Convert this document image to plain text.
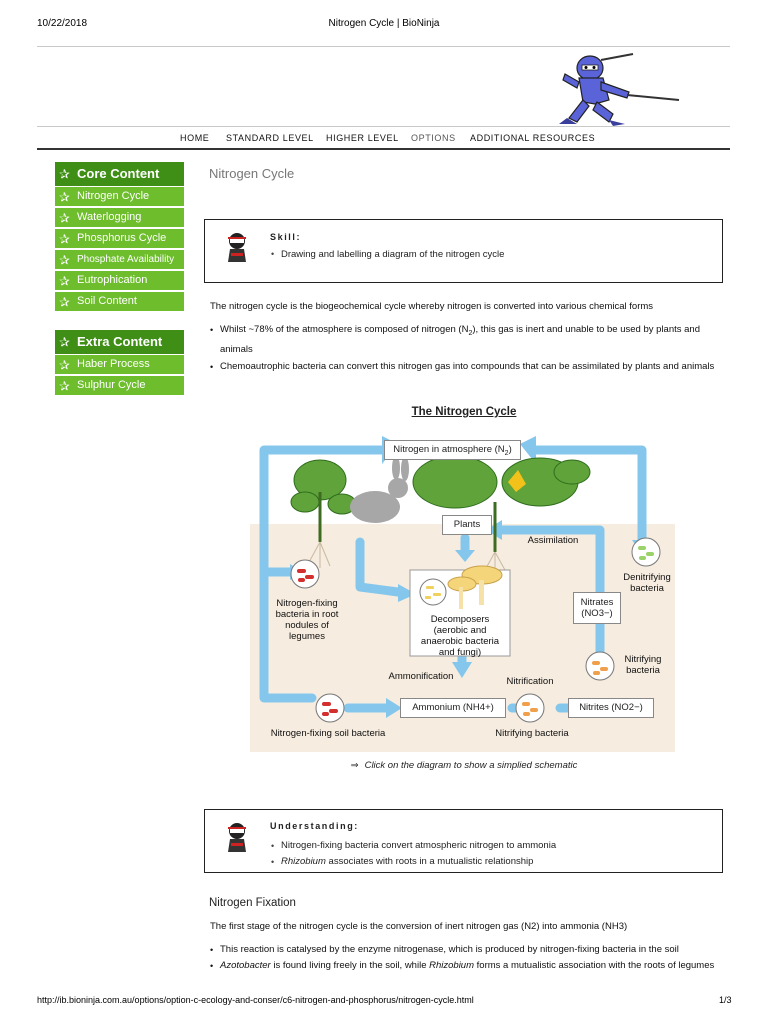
10/22/2018	Nitrogen Cycle | BioNinja
HOME STANDARD LEVEL HIGHER LEVEL OPTIONS ADDITIONAL RESOURCES
✰ Core Content
✰ Nitrogen Cycle
✰ Waterlogging
✰ Phosphorus Cycle
✰ Phosphate Availability
✰ Eutrophication
✰ Soil Content
✰ Extra Content
✰ Haber Process
✰ Sulphur Cycle
Nitrogen Cycle
Skill:
• Drawing and labelling a diagram of the nitrogen cycle
The nitrogen cycle is the biogeochemical cycle whereby nitrogen is converted into various chemical forms
• Whilst ~78% of the atmosphere is composed of nitrogen $(N_2)$, this gas is inert and unable to be used by plants and animals
• Chemoautrophic bacteria can convert this nitrogen gas into compounds that can be assimilated by plants and animals
The Nitrogen Cycle
Nitrogen in atmosphere $(N_2)$
Plants
Assimilation
Denitrifying bacteria
Nitrogen-fixing bacteria in root nodules of legumes
Decomposers
(aerobic and anaerobic bacteria and fungi)
Nitrates
(NO3−)
Nitrifying bacteria
Ammonification	Nitrification
Ammonium (NH4+)	Nitrites (NO2−)
Nitrogen-fixing soil bacteria	Nitrifying bacteria
⇒ Click on the diagram to show a simplied schematic
Understanding:
• Nitrogen-fixing bacteria convert atmospheric nitrogen to ammonia
• Rhizobium associates with roots in a mutualistic relationship
Nitrogen Fixation
The first stage of the nitrogen cycle is the conversion of inert nitrogen gas (N2) into ammonia (NH3)
• This reaction is catalysed by the enzyme nitrogenase, which is produced by nitrogen-fixing bacteria in the soil
• Azotobacter is found living freely in the soil, while Rhizobium forms a mutualistic association with the roots of legumes
http://ib.bioninja.com.au/options/option-c-ecology-and-conser/c6-nitrogen-and-phosphorus/nitrogen-cycle.html	1/3
